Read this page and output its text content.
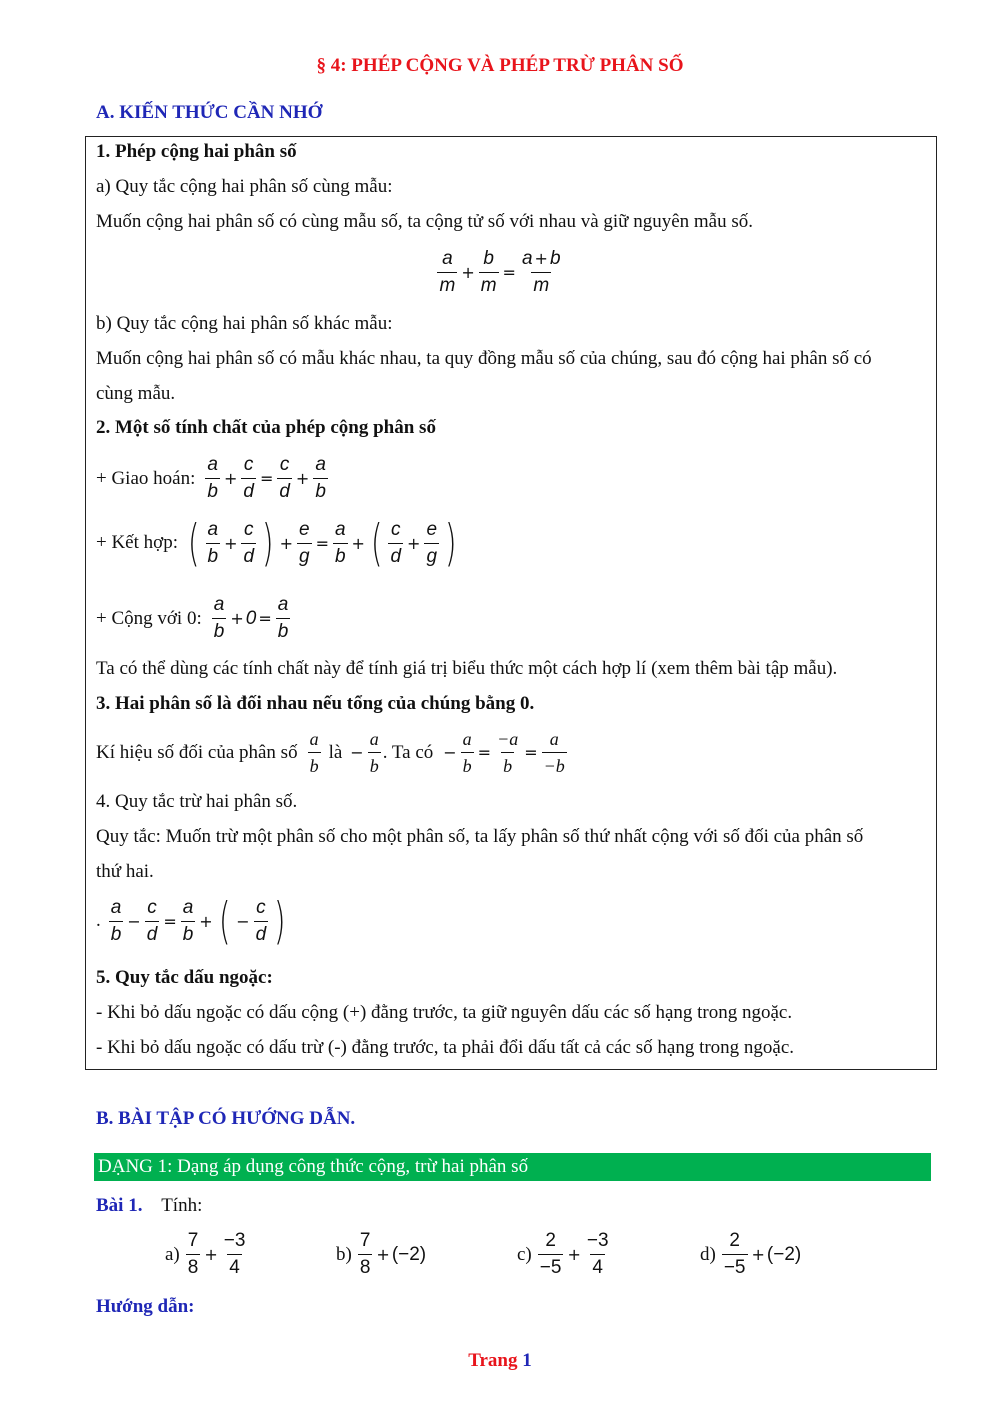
§ 4: PHÉP CỘNG VÀ PHÉP TRỪ PHÂN SỐ
A. KIẾN THỨC CẦN NHỚ
1. Phép cộng hai phân số
a) Quy tắc cộng hai phân số cùng mẫu:
Muốn cộng hai phân số có cùng mẫu số, ta cộng tử số với nhau và giữ nguyên mẫu số.
$\frac{a}{m} + \frac{b}{m} = \frac{a + b}{m}$
b) Quy tắc cộng hai phân số khác mẫu:
Muốn cộng hai phân số có mẫu khác nhau, ta quy đồng mẫu số của chúng, sau đó cộng hai phân số có
cùng mẫu.
2. Một số tính chất của phép cộng phân số
+ Giao hoán: $\frac{a}{b} + \frac{c}{d} = \frac{c}{d} + \frac{a}{b}$
+ Kết hợp: ( $\frac{a}{b} + \frac{c}{d}$ ) + $\frac{e}{g} = \frac{a}{b}$ + ( $\frac{c}{d} + \frac{e}{g}$ )
+ Cộng với 0: $\frac{a}{b} + 0 = \frac{a}{b}$
Ta có thể dùng các tính chất này để tính giá trị biểu thức một cách hợp lí (xem thêm bài tập mẫu).
3. Hai phân số là đối nhau nếu tổng của chúng bằng 0.
Kí hiệu số đối của phân số $\frac{a}{b}$ là − $\frac{a}{b}$ . Ta có − $\frac{a}{b} = \frac{-a}{b} = \frac{a}{-b}$
4. Quy tắc trừ hai phân số.
Quy tắc: Muốn trừ một phân số cho một phân số, ta lấy phân số thứ nhất cộng với số đối của phân số
thứ hai.
. $\frac{a}{b} - \frac{c}{d} = \frac{a}{b}$ + ( − $\frac{c}{d}$ )
5. Quy tắc dấu ngoặc:
- Khi bỏ dấu ngoặc có dấu cộng (+) đằng trước, ta giữ nguyên dấu các số hạng trong ngoặc.
- Khi bỏ dấu ngoặc có dấu trừ (-) đằng trước, ta phải đổi dấu tất cả các số hạng trong ngoặc.
B. BÀI TẬP CÓ HƯỚNG DẪN.
DẠNG 1: Dạng áp dụng công thức cộng, trừ hai phân số
Bài 1. Tính:
$a) \frac{7}{8} + \frac{-3}{4}$	$b) \frac{7}{8} + (-2)$	$c) \frac{2}{-5} + \frac{-3}{4}$	$d) \frac{2}{-5} + (-2)$
Hướng dẫn:
Trang 1
